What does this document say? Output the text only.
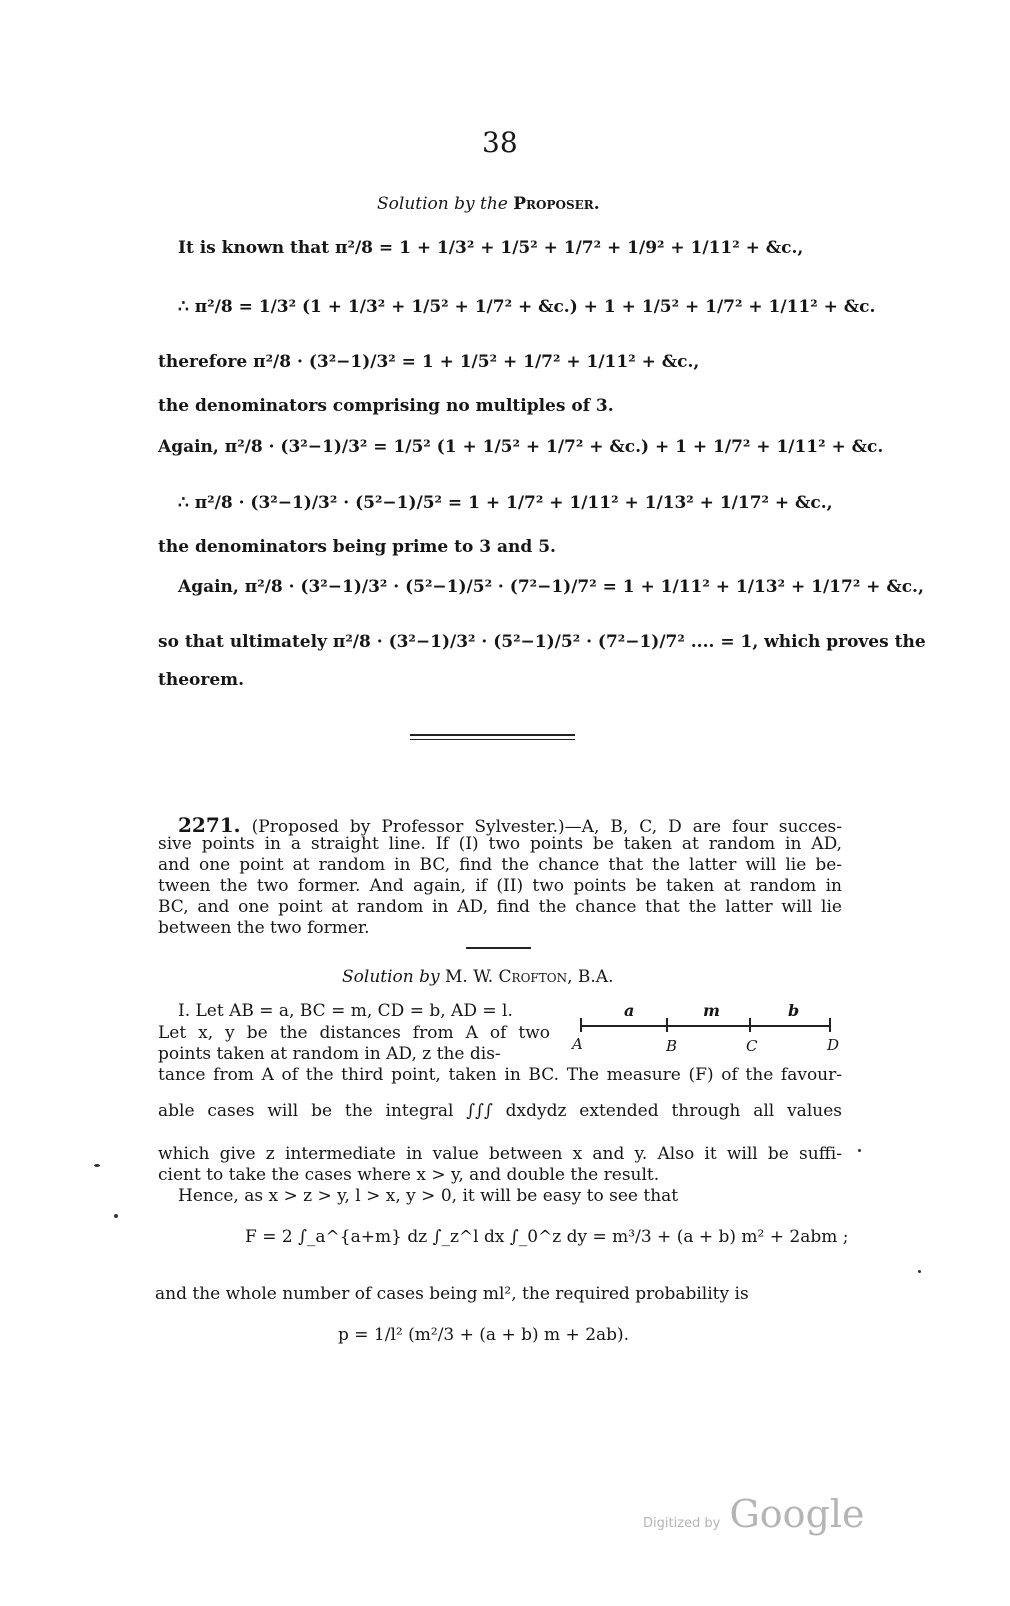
38
Solution by the Proposer.
It is known that π²/8 = 1 + 1/3² + 1/5² + 1/7² + 1/9² + 1/11² + &c.,
∴ π²/8 = 1/3² (1 + 1/3² + 1/5² + 1/7² + &c.) + 1 + 1/5² + 1/7² + 1/11² + &c.
therefore π²/8 · (3²−1)/3² = 1 + 1/5² + 1/7² + 1/11² + &c.,
the denominators comprising no multiples of 3.
Again, π²/8 · (3²−1)/3² = 1/5² (1 + 1/5² + 1/7² + &c.) + 1 + 1/7² + 1/11² + &c.
∴ π²/8 · (3²−1)/3² · (5²−1)/5² = 1 + 1/7² + 1/11² + 1/13² + 1/17² + &c.,
the denominators being prime to 3 and 5.
Again, π²/8 · (3²−1)/3² · (5²−1)/5² · (7²−1)/7² = 1 + 1/11² + 1/13² + 1/17² + &c.,
so that ultimately π²/8 · (3²−1)/3² · (5²−1)/5² · (7²−1)/7² .... = 1, which proves the
theorem.
2271. (Proposed by Professor Sylvester.)—A, B, C, D are four succes-
sive points in a straight line. If (I) two points be taken at random in AD,
and one point at random in BC, find the chance that the latter will lie be-
tween the two former. And again, if (II) two points be taken at random in
BC, and one point at random in AD, find the chance that the latter will lie
between the two former.
Solution by M. W. Crofton, B.A.
I. Let AB = a, BC = m, CD = b, AD = l.
Let x, y be the distances from A of two
points taken at random in AD, z the dis-
tance from A of the third point, taken in BC. The measure (F) of the favour-
able cases will be the integral ∫∫∫ dxdydz extended through all values
which give z intermediate in value between x and y. Also it will be suffi-
cient to take the cases where x > y, and double the result.
Hence, as x > z > y, l > x, y > 0, it will be easy to see that
F = 2 ∫_a^{a+m} dz ∫_z^l dx ∫_0^z dy = m³/3 + (a + b) m² + 2abm ;
and the whole number of cases being ml², the required probability is
p = 1/l² (m²/3 + (a + b) m + 2ab).
a	m	b
A	B	C	D
Digitized by Google
